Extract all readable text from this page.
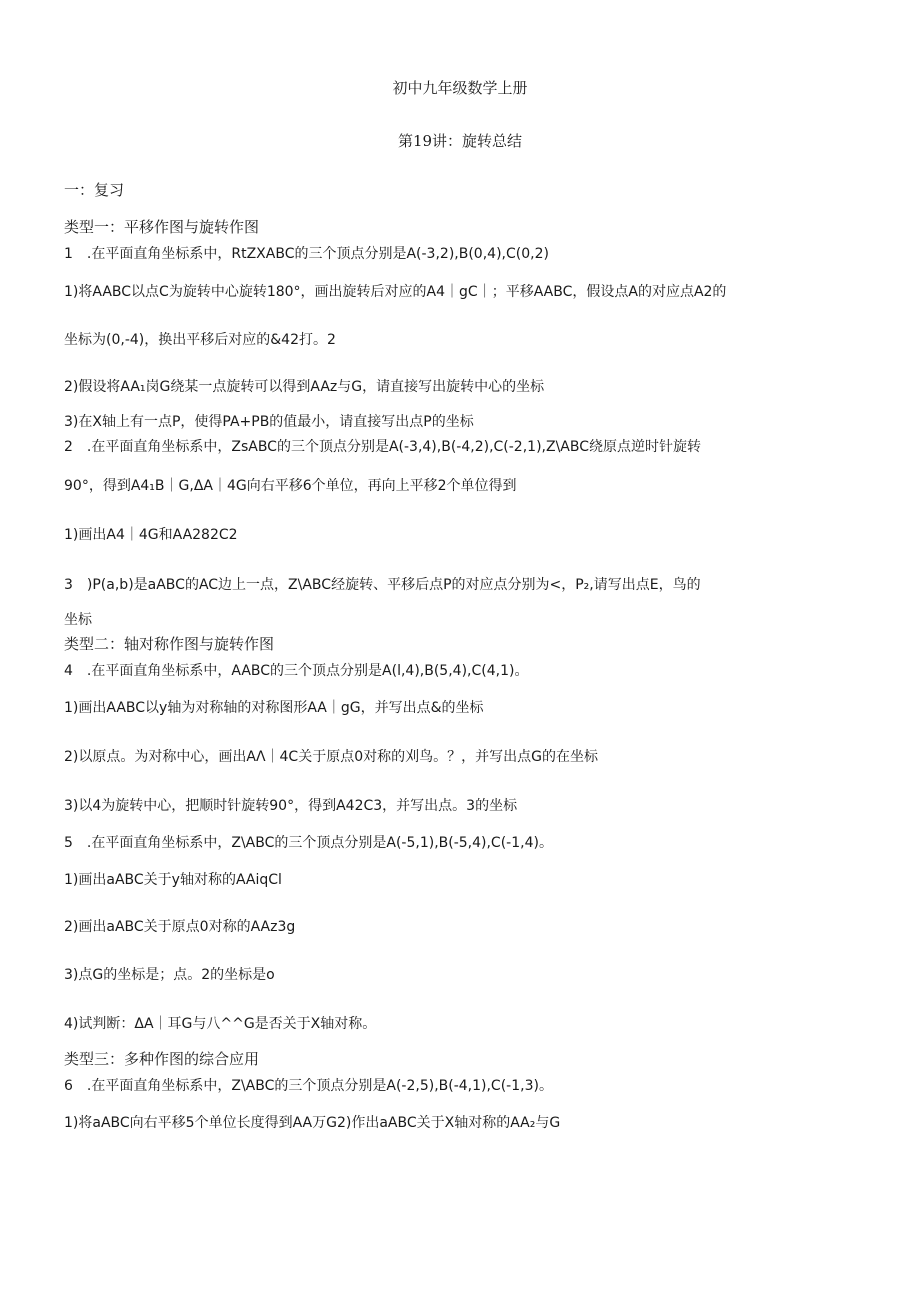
初中九年级数学上册
第19讲：旋转总结
一：复习
类型一：平移作图与旋转作图
1　.在平面直角坐标系中，RtZXABC的三个顶点分别是A(-3,2),B(0,4),C(0,2)
1)将AABC以点C为旋转中心旋转180°，画出旋转后对应的A4｜gC｜；平移AABC，假设点A的对应点A2的
坐标为(0,-4)，换出平移后对应的&42打。2
2)假设将AA₁岗G绕某一点旋转可以得到AAz与G，请直接写出旋转中心的坐标
3)在X轴上有一点P，使得PA+PB的值最小，请直接写出点P的坐标
2　.在平面直角坐标系中，ZsABC的三个顶点分别是A(-3,4),B(-4,2),C(-2,1),Z\ABC绕原点逆时针旋转
90°，得到A4₁B｜G,ΔA｜4G向右平移6个单位，再向上平移2个单位得到
1)画出A4｜4G和AA282C2
3　)P(a,b)是aABC的AC边上一点，Z\ABC经旋转、平移后点P的对应点分别为<，P₂,请写出点E，鸟的
坐标
类型二：轴对称作图与旋转作图
4　.在平面直角坐标系中，AABC的三个顶点分别是A(l,4),B(5,4),C(4,1)。
1)画出AABC以y轴为对称轴的对称图形AA｜gG，并写出点&的坐标
2)以原点。为对称中心，画出AΛ｜4C关于原点0对称的刈鸟。？，并写出点G的在坐标
3)以4为旋转中心，把顺时针旋转90°，得到A42C3，并写出点。3的坐标
5　.在平面直角坐标系中，Z\ABC的三个顶点分别是A(-5,1),B(-5,4),C(-1,4)。
1)画出aABC关于y轴对称的AAiqCl
2)画出aABC关于原点0对称的AAz3g
3)点G的坐标是；点。2的坐标是o
4)试判断：ΔA｜耳G与八^^G是否关于X轴对称。
类型三：多种作图的综合应用
6　.在平面直角坐标系中，Z\ABC的三个顶点分别是A(-2,5),B(-4,1),C(-1,3)。
1)将aABC向右平移5个单位长度得到AA万G2)作出aABC关于X轴对称的AA₂与G
